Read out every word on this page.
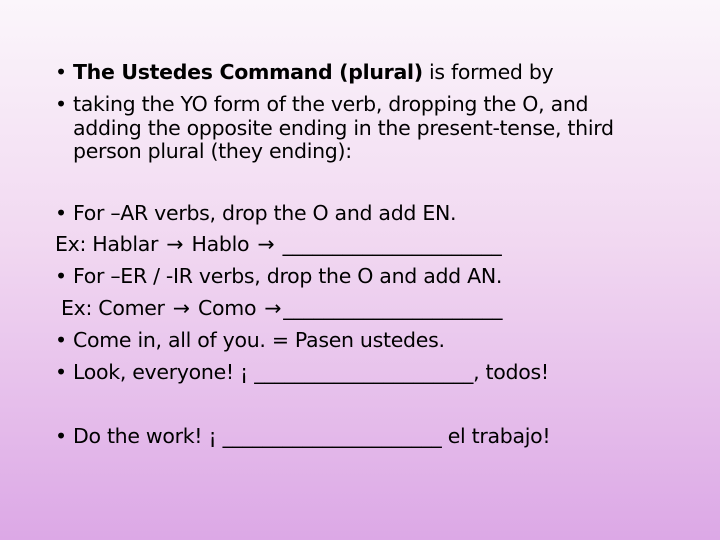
The Ustedes Command (plural) is formed by
taking the YO form of the verb, dropping the O, and
adding the opposite ending in the present-tense, third
person plural (they ending):
For –AR verbs, drop the O and add EN.
Ex: Hablar → Hablo → ______________________
For –ER / -IR verbs, drop the O and add AN.
Ex: Comer → Como →______________________
Come in, all of you. = Pasen ustedes.
Look, everyone! ¡ ______________________, todos!
Do the work! ¡ ______________________ el trabajo!
